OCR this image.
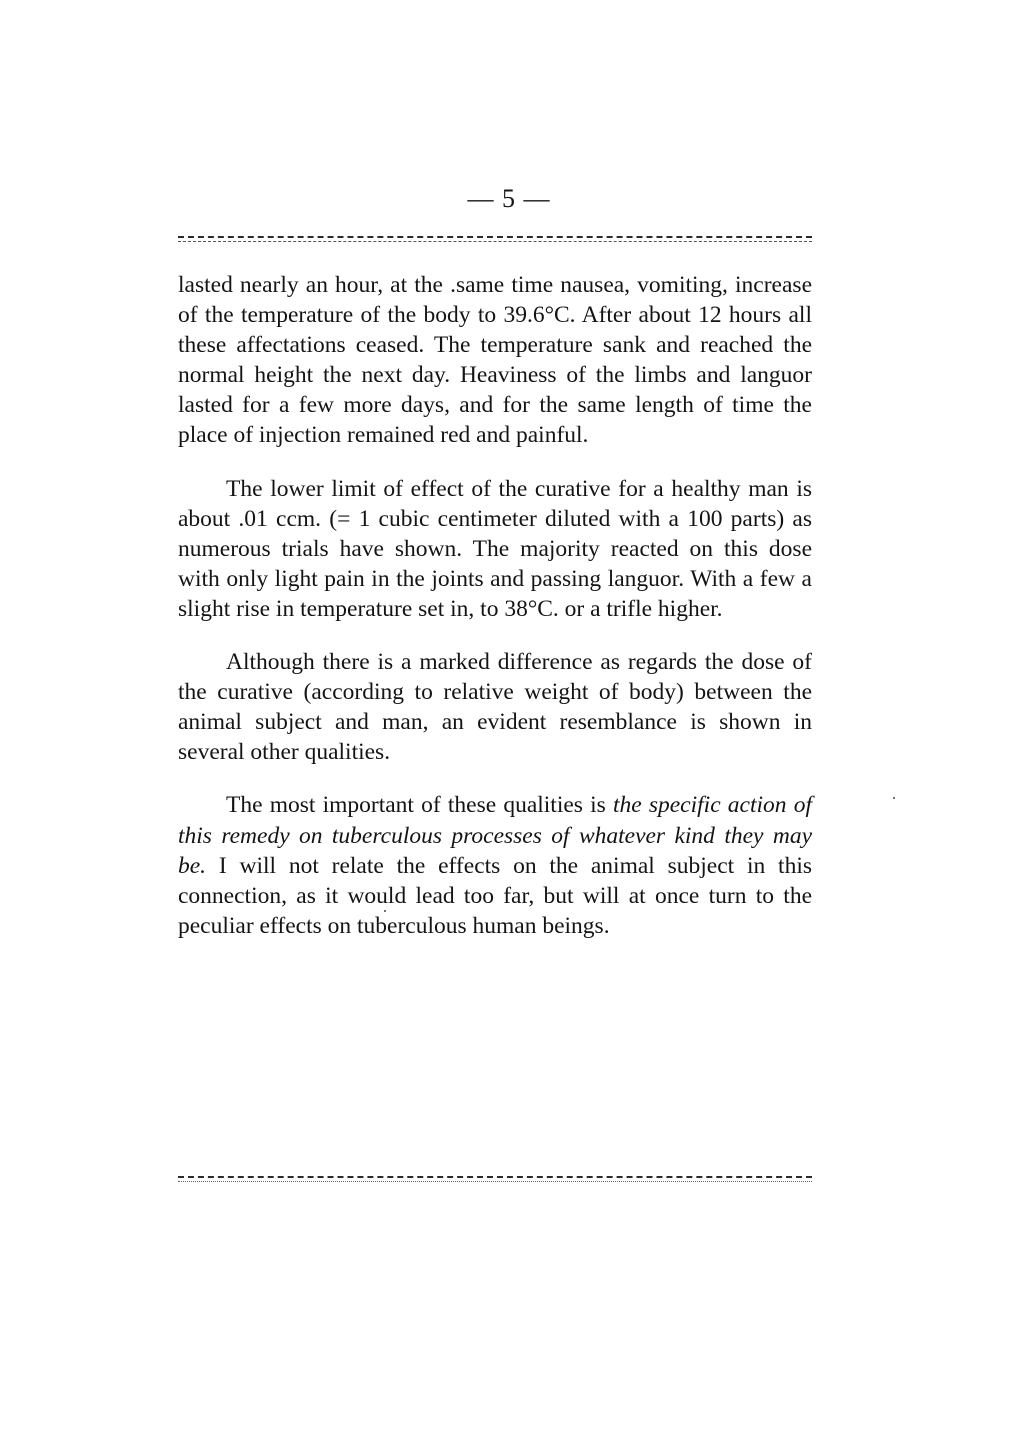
— 5 —

lasted nearly an hour, at the .same time nausea, vomiting, increase of the temperature of the body to 39.6°C. After about 12 hours all these affectations ceased. The temperature sank and reached the normal height the next day. Heaviness of the limbs and languor lasted for a few more days, and for the same length of time the place of injection remained red and painful.

The lower limit of effect of the curative for a healthy man is about .01 ccm. (= 1 cubic centimeter diluted with a 100 parts) as numerous trials have shown. The majority reacted on this dose with only light pain in the joints and passing languor. With a few a slight rise in temperature set in, to 38°C. or a trifle higher.

Although there is a marked difference as regards the dose of the curative (according to relative weight of body) between the animal subject and man, an evident resemblance is shown in several other qualities.

The most important of these qualities is the specific action of this remedy on tuberculous processes of whatever kind they may be. I will not relate the effects on the animal subject in this connection, as it would lead too far, but will at once turn to the peculiar effects on tuberculous human beings.
